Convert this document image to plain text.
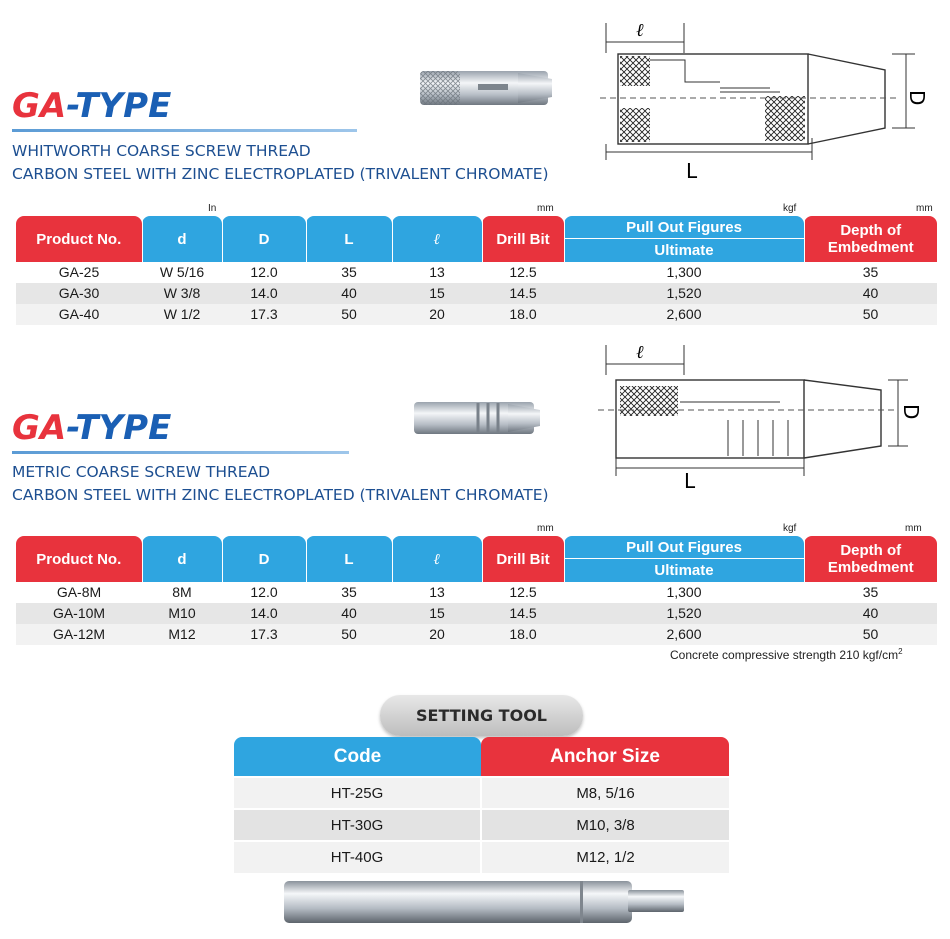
GA-TYPE
WHITWORTH COARSE SCREW THREAD
CARBON STEEL WITH ZINC ELECTROPLATED (TRIVALENT CHROMATE)
ℓ
D
L
In	mm	kgf	mm
Product No.	d	D	L	ℓ	Drill Bit	Pull Out Figures
Ultimate	Depth of Embedment
GA-25	W 5/16	12.0	35	13	12.5	1,300	35
GA-30	W 3/8	14.0	40	15	14.5	1,520	40
GA-40	W 1/2	17.3	50	20	18.0	2,600	50
GA-TYPE
METRIC COARSE SCREW THREAD
CARBON STEEL WITH ZINC ELECTROPLATED (TRIVALENT CHROMATE)
ℓ
D
L
mm	kgf	mm
Product No.	d	D	L	ℓ	Drill Bit	Pull Out Figures
Ultimate	Depth of Embedment
GA-8M	8M	12.0	35	13	12.5	1,300	35
GA-10M	M10	14.0	40	15	14.5	1,520	40
GA-12M	M12	17.3	50	20	18.0	2,600	50
Concrete compressive strength 210 kgf/$cm^2$
SETTING TOOL
Code	Anchor Size
HT-25G	M8, 5/16
HT-30G	M10, 3/8
HT-40G	M12, 1/2
